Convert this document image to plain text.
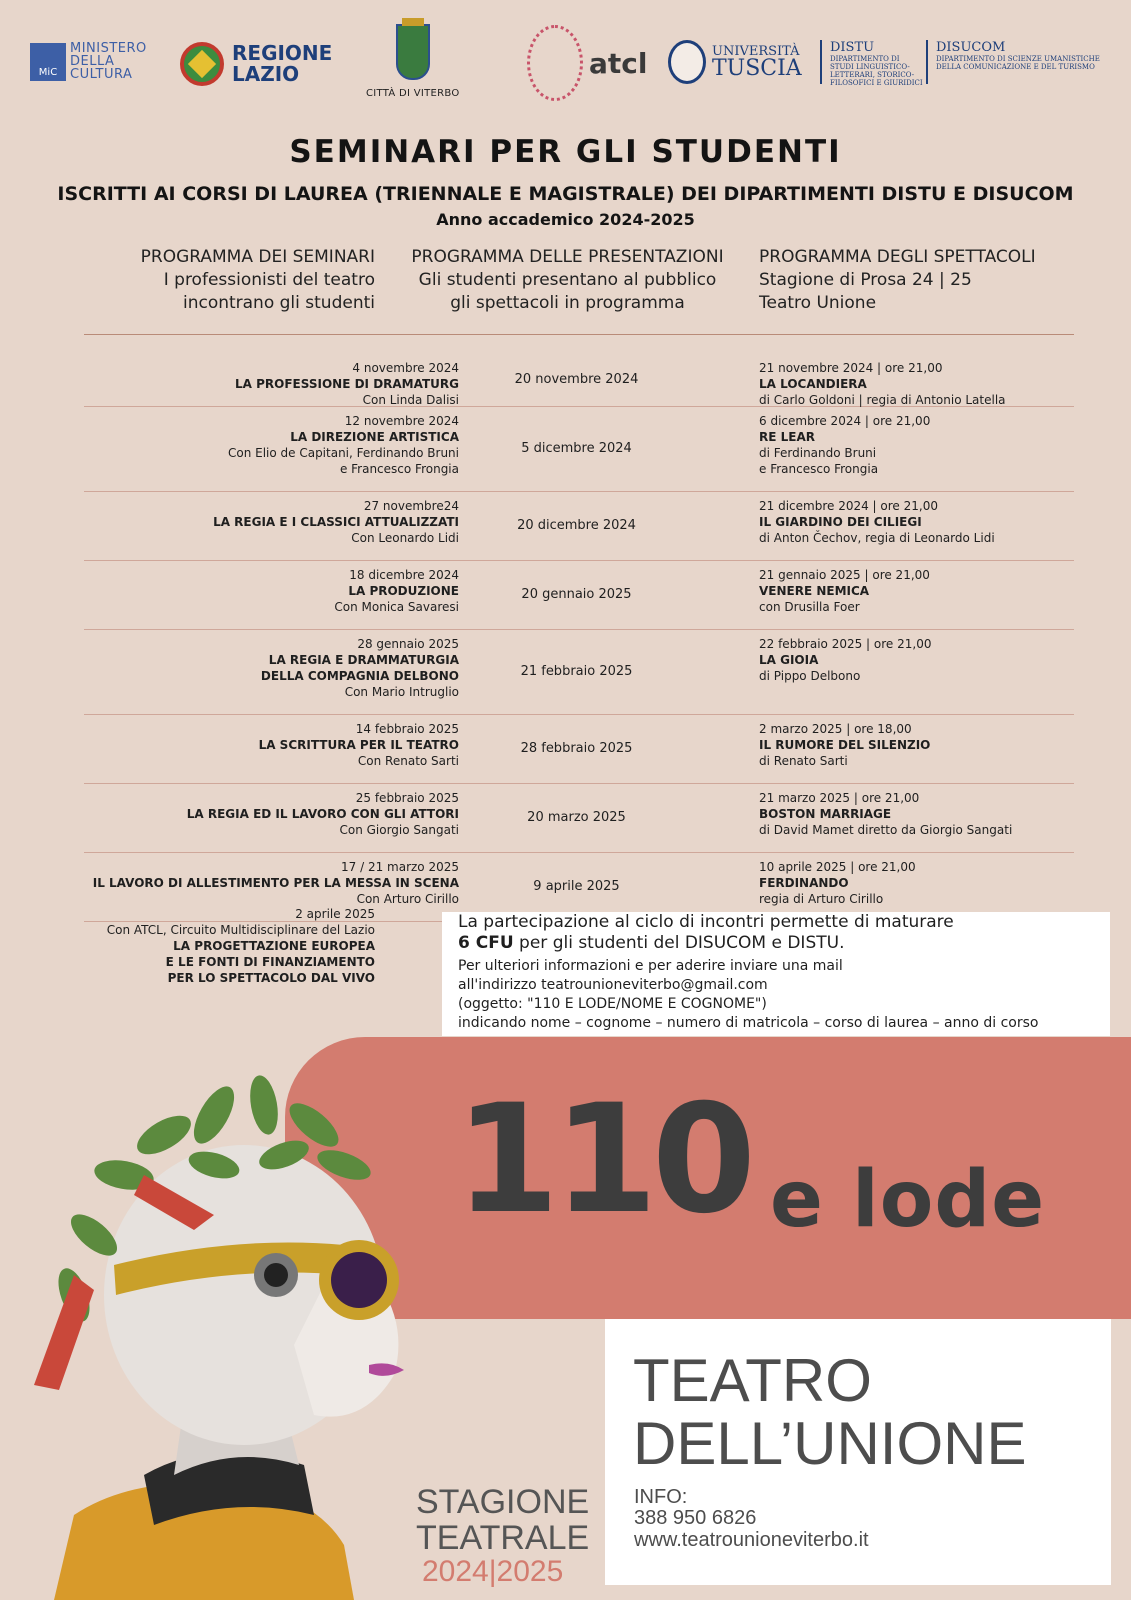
MiC
MINISTERO
DELLA
CULTURA
REGIONE
LAZIO
CITTÀ DI VITERBO
atcl	UNIVERSITÀ
TUSCIA
DISTU
DIPARTIMENTO DI STUDI LINGUISTICO-LETTERARI, STORICO-FILOSOFICI E GIURIDICI
DISUCOM
DIPARTIMENTO DI SCIENZE UMANISTICHE DELLA COMUNICAZIONE E DEL TURISMO
SEMINARI PER GLI STUDENTI
ISCRITTI AI CORSI DI LAUREA (TRIENNALE E MAGISTRALE) DEI DIPARTIMENTI DISTU E DISUCOM
Anno accademico 2024-2025
PROGRAMMA DEI SEMINARI
I professionisti del teatro
incontrano gli studenti
PROGRAMMA DELLE PRESENTAZIONI
Gli studenti presentano al pubblico
gli spettacoli in programma
PROGRAMMA DEGLI SPETTACOLI
Stagione di Prosa 24 | 25
Teatro Unione
4 novembre 2024
LA PROFESSIONE DI DRAMATURG
Con Linda Dalisi
20 novembre 2024
21 novembre 2024 | ore 21,00
LA LOCANDIERA
di Carlo Goldoni | regia di Antonio Latella
12 novembre 2024
LA DIREZIONE ARTISTICA
Con Elio de Capitani, Ferdinando Bruni
e Francesco Frongia
5 dicembre 2024
6 dicembre 2024 | ore 21,00
RE LEAR
di Ferdinando Bruni
e Francesco Frongia
27 novembre24
LA REGIA E I CLASSICI ATTUALIZZATI
Con Leonardo Lidi
20 dicembre 2024
21 dicembre 2024 | ore 21,00
IL GIARDINO DEI CILIEGI
di Anton Čechov, regia di Leonardo Lidi
18 dicembre 2024
LA PRODUZIONE
Con Monica Savaresi
20 gennaio 2025
21 gennaio 2025 | ore 21,00
VENERE NEMICA
con Drusilla Foer
28 gennaio 2025
LA REGIA E DRAMMATURGIA
DELLA COMPAGNIA DELBONO
Con Mario Intruglio
21 febbraio 2025
22 febbraio 2025 | ore 21,00
LA GIOIA
di Pippo Delbono
14 febbraio 2025
LA SCRITTURA PER IL TEATRO
Con Renato Sarti
28 febbraio 2025
2 marzo 2025 | ore 18,00
IL RUMORE DEL SILENZIO
di Renato Sarti
25 febbraio 2025
LA REGIA ED IL LAVORO CON GLI ATTORI
Con Giorgio Sangati
20 marzo 2025
21 marzo 2025 | ore 21,00
BOSTON MARRIAGE
di David Mamet diretto da Giorgio Sangati
17 / 21 marzo 2025
IL LAVORO DI ALLESTIMENTO PER LA MESSA IN SCENA
Con Arturo Cirillo
9 aprile 2025
10 aprile 2025 | ore 21,00
FERDINANDO
regia di Arturo Cirillo
2 aprile 2025
Con ATCL, Circuito Multidisciplinare del Lazio
LA PROGETTAZIONE EUROPEA
E LE FONTI DI FINANZIAMENTO
PER LO SPETTACOLO DAL VIVO
La partecipazione al ciclo di incontri permette di maturare
6 CFU per gli studenti del DISUCOM e DISTU.
Per ulteriori informazioni e per aderire inviare una mail
all'indirizzo teatrounioneviterbo@gmail.com
(oggetto: "110 E LODE/NOME E COGNOME")
indicando nome – cognome – numero di matricola – corso di laurea – anno di corso
110 e lode
TEATRO
DELL’UNIONE
INFO:
388 950 6826
www.teatrounioneviterbo.it
STAGIONE
TEATRALE
2024|2025
